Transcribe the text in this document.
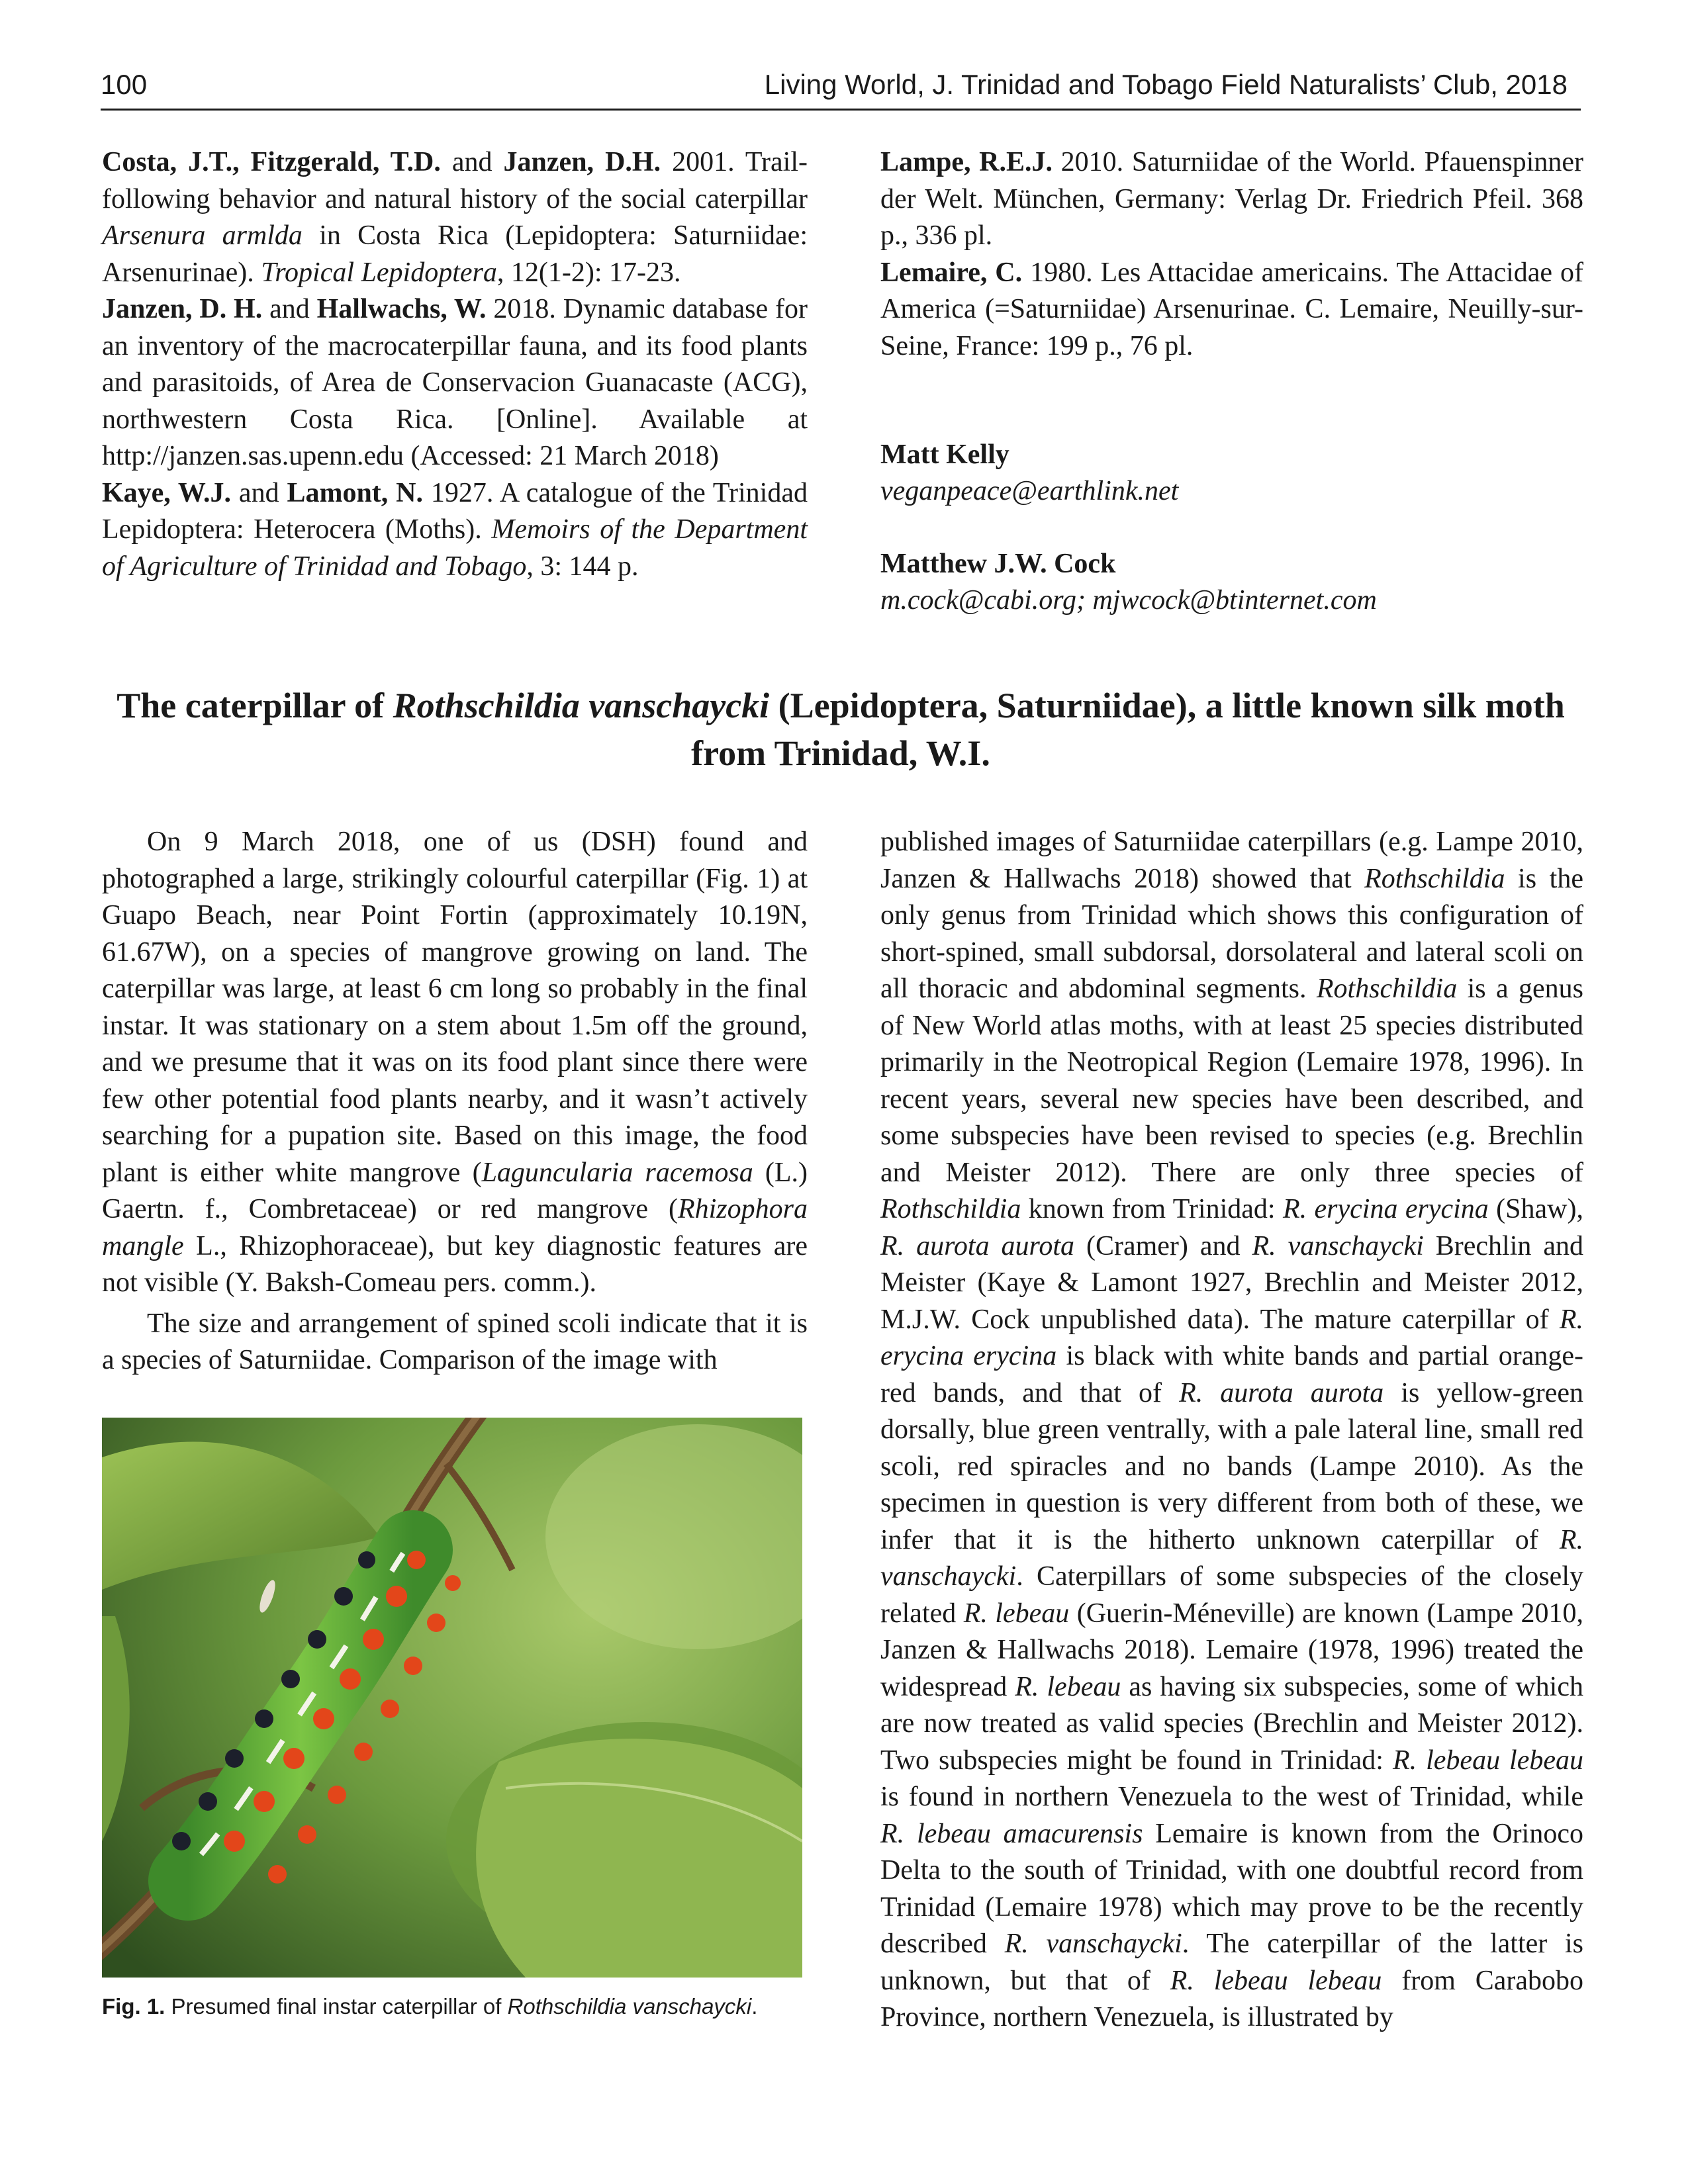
100	Living World, J. Trinidad and Tobago Field Naturalists’ Club, 2018

Costa, J.T., Fitzgerald, T.D. and Janzen, D.H. 2001. Trail-following behavior and natural history of the social caterpillar Arsenura armlda in Costa Rica (Lepidoptera: Saturniidae: Arsenurinae). Tropical Lepidoptera, 12(1-2): 17-23.

Janzen, D. H. and Hallwachs, W. 2018. Dynamic database for an inventory of the macrocaterpillar fauna, and its food plants and parasitoids, of Area de Conservacion Guanacaste (ACG), northwestern Costa Rica. [Online]. Available at http://janzen.sas.upenn.edu (Accessed: 21 March 2018)

Kaye, W.J. and Lamont, N. 1927. A catalogue of the Trinidad Lepidoptera: Heterocera (Moths). Memoirs of the Department of Agriculture of Trinidad and Tobago, 3: 144 p.

Lampe, R.E.J. 2010. Saturniidae of the World. Pfauenspinner der Welt. München, Germany: Verlag Dr. Friedrich Pfeil. 368 p., 336 pl.

Lemaire, C. 1980. Les Attacidae americains. The Attacidae of America (=Saturniidae) Arsenurinae. C. Lemaire, Neuilly-sur-Seine, France: 199 p., 76 pl.

Matt Kelly
veganpeace@earthlink.net
Matthew J.W. Cock
m.cock@cabi.org; mjwcock@btinternet.com
The caterpillar of Rothschildia vanschaycki (Lepidoptera, Saturniidae), a little known silk moth from Trinidad, W.I.

On 9 March 2018, one of us (DSH) found and photographed a large, strikingly colourful caterpillar (Fig. 1) at Guapo Beach, near Point Fortin (approximately 10.19N, 61.67W), on a species of mangrove growing on land. The caterpillar was large, at least 6 cm long so probably in the final instar. It was stationary on a stem about 1.5m off the ground, and we presume that it was on its food plant since there were few other potential food plants nearby, and it wasn’t actively searching for a pupation site. Based on this image, the food plant is either white mangrove (Laguncularia racemosa (L.) Gaertn. f., Combretaceae) or red mangrove (Rhizophora mangle L., Rhizophoraceae), but key diagnostic features are not visible (Y. Baksh-Comeau pers. comm.).

The size and arrangement of spined scoli indicate that it is a species of Saturniidae. Comparison of the image with

Fig. 1. Presumed final instar caterpillar of Rothschildia vanschaycki.

published images of Saturniidae caterpillars (e.g. Lampe 2010, Janzen & Hallwachs 2018) showed that Rothschildia is the only genus from Trinidad which shows this configuration of short-spined, small subdorsal, dorsolateral and lateral scoli on all thoracic and abdominal segments. Rothschildia is a genus of New World atlas moths, with at least 25 species distributed primarily in the Neotropical Region (Lemaire 1978, 1996). In recent years, several new species have been described, and some subspecies have been revised to species (e.g. Brechlin and Meister 2012). There are only three species of Rothschildia known from Trinidad: R. erycina erycina (Shaw), R. aurota aurota (Cramer) and R. vanschaycki Brechlin and Meister (Kaye & Lamont 1927, Brechlin and Meister 2012, M.J.W. Cock unpublished data). The mature caterpillar of R. erycina erycina is black with white bands and partial orange-red bands, and that of R. aurota aurota is yellow-green dorsally, blue green ventrally, with a pale lateral line, small red scoli, red spiracles and no bands (Lampe 2010). As the specimen in question is very different from both of these, we infer that it is the hitherto unknown caterpillar of R. vanschaycki. Caterpillars of some subspecies of the closely related R. lebeau (Guerin-Méneville) are known (Lampe 2010, Janzen & Hallwachs 2018). Lemaire (1978, 1996) treated the widespread R. lebeau as having six subspecies, some of which are now treated as valid species (Brechlin and Meister 2012). Two subspecies might be found in Trinidad: R. lebeau lebeau is found in northern Venezuela to the west of Trinidad, while R. lebeau amacurensis Lemaire is known from the Orinoco Delta to the south of Trinidad, with one doubtful record from Trinidad (Lemaire 1978) which may prove to be the recently described R. vanschaycki. The caterpillar of the latter is unknown, but that of R. lebeau lebeau from Carabobo Province, northern Venezuela, is illustrated by
